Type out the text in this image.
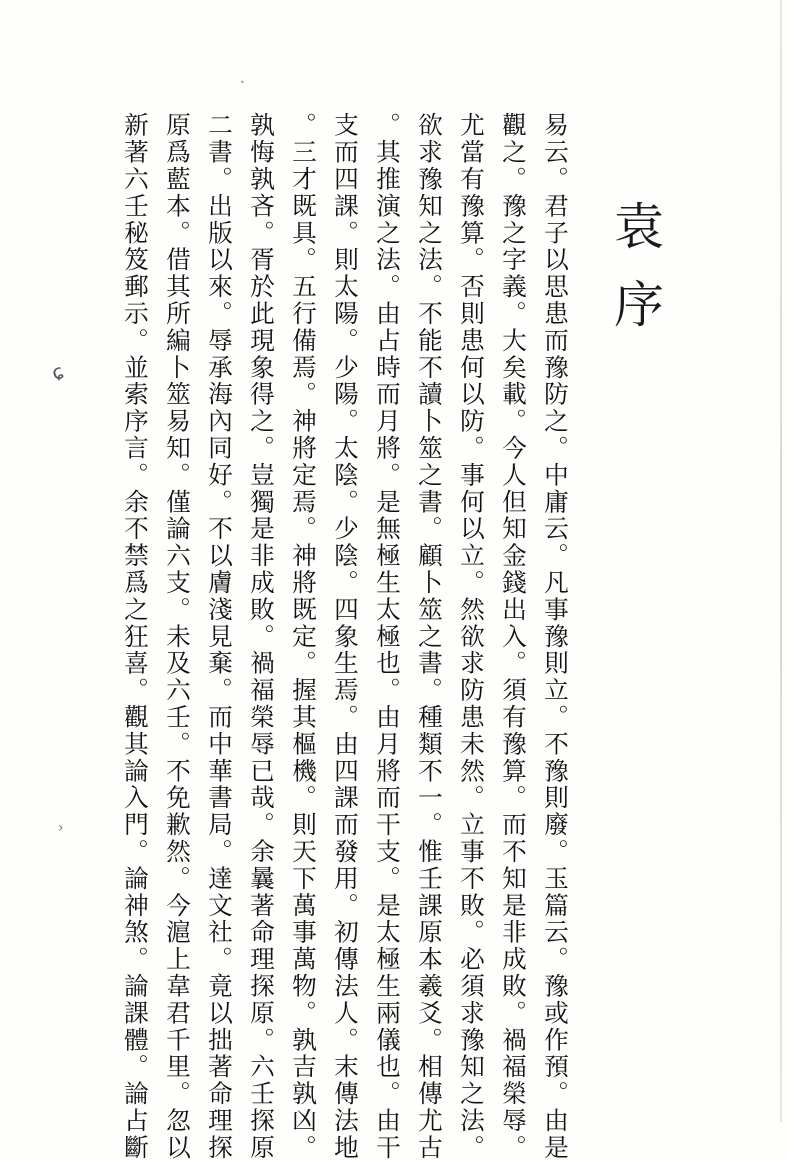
袁序
易云。君子以思患而豫防之。中庸云。凡事豫則立。不豫則廢。玉篇云。豫或作預。由是
觀之。豫之字義。大矣載。今人但知金錢出入。須有豫算。而不知是非成敗。禍福榮辱。
尤當有豫算。否則患何以防。事何以立。然欲求防患未然。立事不敗。必須求豫知之法。
欲求豫知之法。不能不讀卜筮之書。顧卜筮之書。種類不一。惟壬課原本羲爻。相傳尤古
。其推演之法。由占時而月將。是無極生太極也。由月將而干支。是太極生兩儀也。由干
支而四課。則太陽。少陽。太陰。少陰。四象生焉。由四課而發用。初傳法人。末傳法地
。三才既具。五行備焉。神將定焉。神將既定。握其樞機。則天下萬事萬物。孰吉孰凶。
孰悔孰吝。胥於此現象得之。豈獨是非成敗。禍福榮辱已哉。余曩著命理探原。六壬探原
二書。出版以來。辱承海內同好。不以膚淺見棄。而中華書局。達文社。竟以拙著命理探
原爲藍本。借其所編卜筮易知。僅論六支。未及六壬。不免歉然。今滬上韋君千里。忽以
新著六壬秘笈郵示。並索序言。余不禁爲之狂喜。觀其論入門。論神煞。論課體。論占斷
ɕ
›
•
